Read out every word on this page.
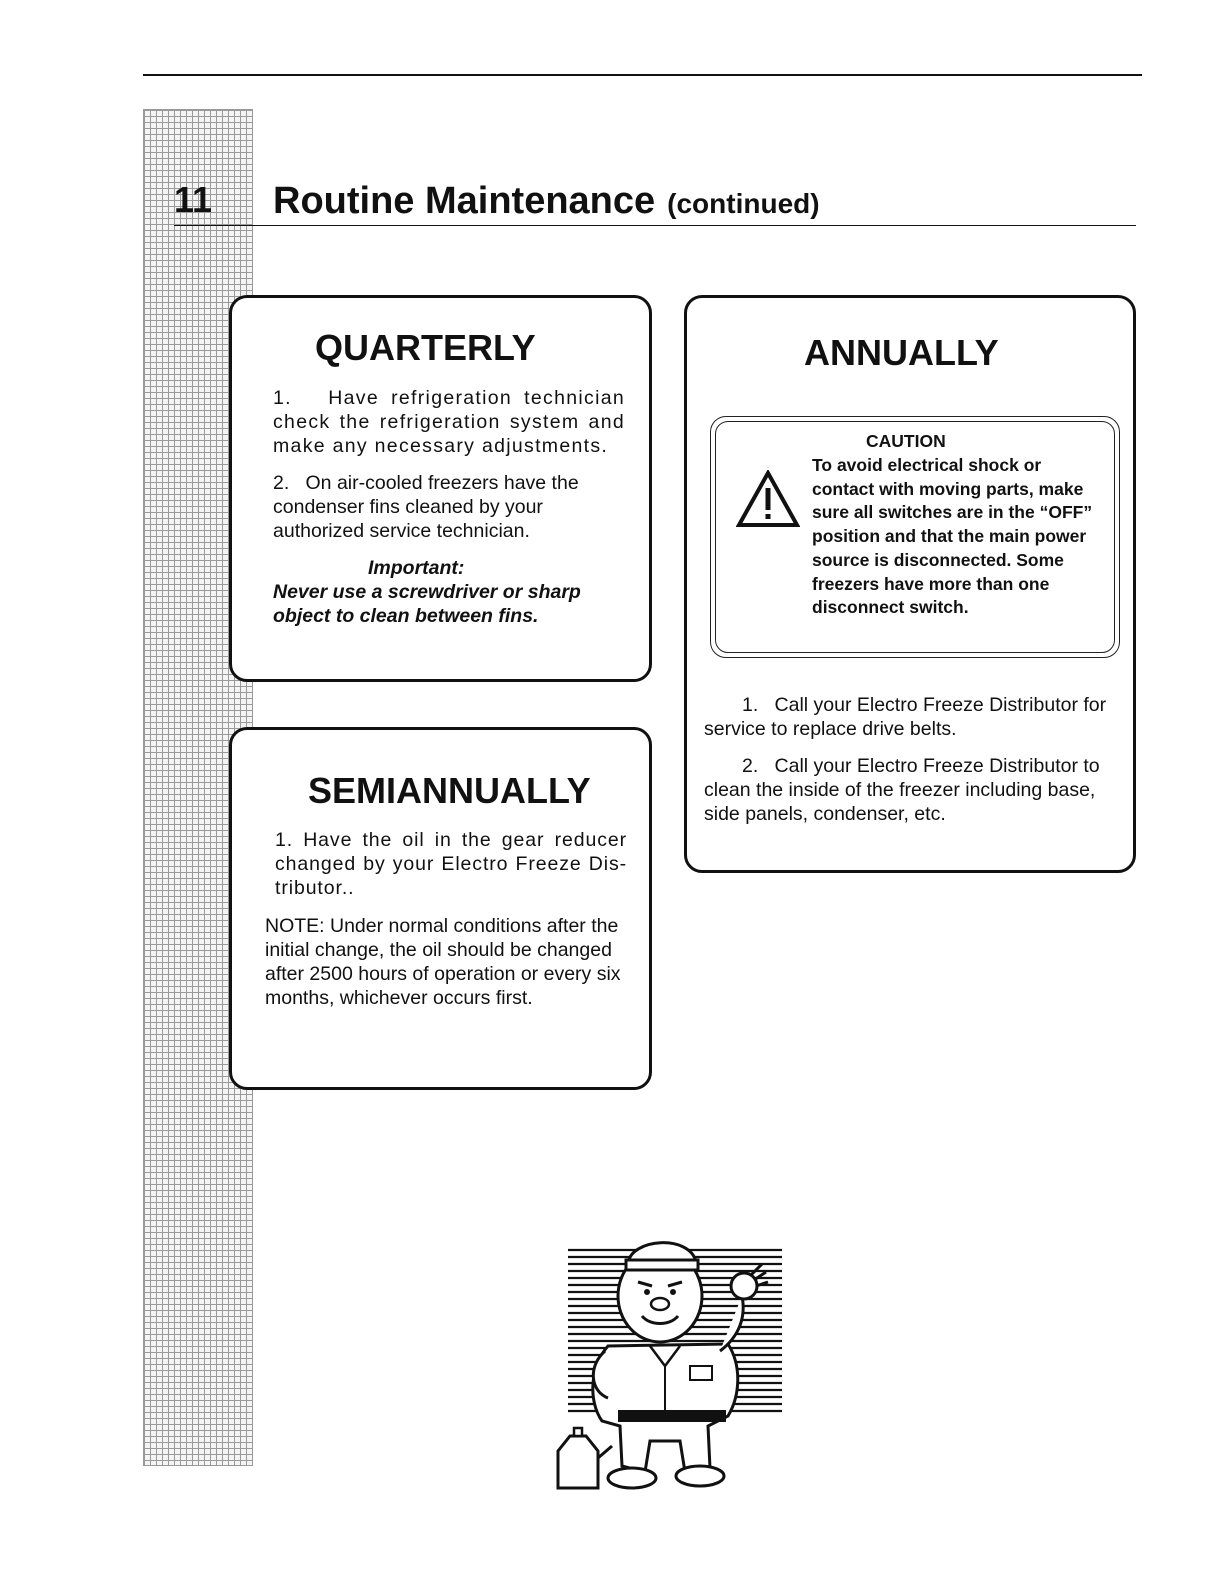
11 Routine Maintenance (continued)
QUARTERLY
1.   Have refrigeration technician check the refrigeration system and make any necessary adjustments.
2.   On air-cooled freezers have the condenser fins cleaned by your authorized service technician.
Important:
Never use a screwdriver or sharp object to clean between fins.
SEMIANNUALLY
1. Have the oil in the gear reducer changed by your Electro Freeze Dis-tributor..
NOTE: Under normal conditions after the initial change, the oil should be changed after 2500 hours of operation or every six months, whichever occurs first.
ANNUALLY
CAUTION
To avoid electrical shock or contact with moving parts, make sure all switches are in the “OFF” position and that the main power source is disconnected. Some freezers have more than one disconnect switch.
1.   Call your Electro Freeze Distributor for service to replace drive belts.
2.   Call your Electro Freeze Distributor to clean the inside of the freezer including base, side panels, condenser, etc.
